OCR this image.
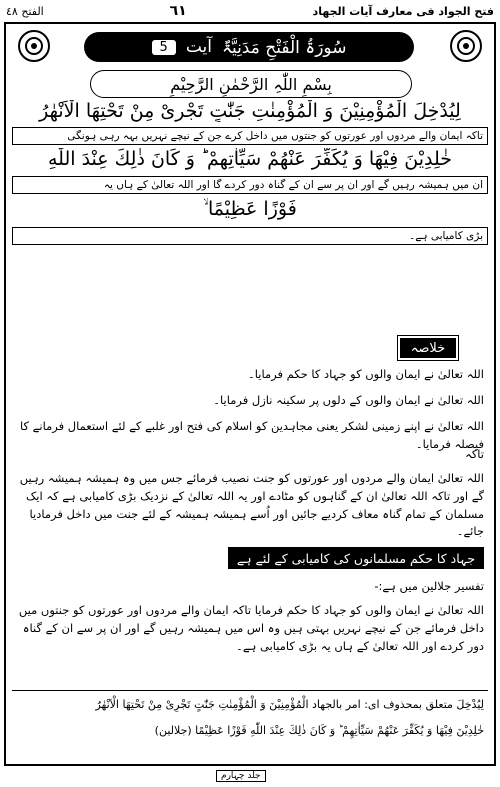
فتح الجواد فی معارف آیات الجهاد
٦١
الفتح ٤٨
سُورَۃُ الْفَتْحِ مَدَنِیَّۃٌ
آیت
5
بِسْمِ اللّٰہِ الرَّحْمٰنِ الرَّحِیْمِ
لِیُدْخِلَ الْمُؤْمِنِیْنَ وَ الْمُؤْمِنٰتِ جَنّٰتٍ تَجْرِیْ مِنْ تَحْتِهَا الْاَنْهٰرُ
تاکہ ایمان والے مردوں اور عورتوں کو جنتوں میں داخل کرے جن کے نیچے نہریں بہہ رہی ہونگی
خٰلِدِیْنَ فِیْهَا وَ یُكَفِّرَ عَنْهُمْ سَیِّاٰتِهِمْ ؕ وَ كَانَ ذٰلِكَ عِنْدَ اللّٰهِ
ان میں ہمیشہ رہیں گے اور ان پر سے ان کے گناہ دور کردے گا اور اللہ تعالیٰ کے ہاں یہ
فَوْزًا عَظِیْمًا ۙ
بڑی کامیابی ہے۔
خلاصہ
اللہ تعالیٰ نے ایمان والوں کو جہاد کا حکم فرمایا۔
اللہ تعالیٰ نے ایمان والوں کے دلوں پر سکینہ نازل فرمایا۔
اللہ تعالیٰ نے اپنے زمینی لشکر یعنی مجاہدین کو اسلام کی فتح اور غلبے کے لئے استعمال فرمانے کا فیصلہ فرمایا۔
تاکہ
اللہ تعالیٰ ایمان والے مردوں اور عورتوں کو جنت نصیب فرمائے جس میں وہ ہمیشہ ہمیشہ رہیں گے اور تاکہ اللہ تعالیٰ ان کے گناہوں کو مٹادے اور یہ اللہ تعالیٰ کے نزدیک بڑی کامیابی ہے کہ ایک مسلمان کے تمام گناہ معاف کردیے جائیں اور اُسے ہمیشہ ہمیشہ کے لئے جنت میں داخل فرمادیا جائے۔
جہاد کا حکم مسلمانوں کی کامیابی کے لئے ہے
تفسیر جلالین میں ہے:-
اللہ تعالیٰ نے ایمان والوں کو جہاد کا حکم فرمایا تاکہ ایمان والے مردوں اور عورتوں کو جنتوں میں داخل فرمائے جن کے نیچے نہریں بہتی ہیں وہ اس میں ہمیشہ رہیں گے اور ان پر سے ان کے گناہ دور کردے اور اللہ تعالیٰ کے ہاں یہ بڑی کامیابی ہے۔
لِیُدْخِلَ متعلق بمحذوف ای: امر بالجهاد الْمُؤْمِنِیْنَ وَ الْمُؤْمِنٰتِ جَنّٰتٍ تَجْرِیْ مِنْ تَحْتِهَا الْاَنْهٰرُ
خٰلِدِیْنَ فِیْهَا وَ یُكَفِّرَ عَنْهُمْ سَیِّاٰتِهِمْ ؕ وَ كَانَ ذٰلِكَ عِنْدَ اللّٰهِ فَوْزًا عَظِیْمًا (جلالین)
جلد چہارم
